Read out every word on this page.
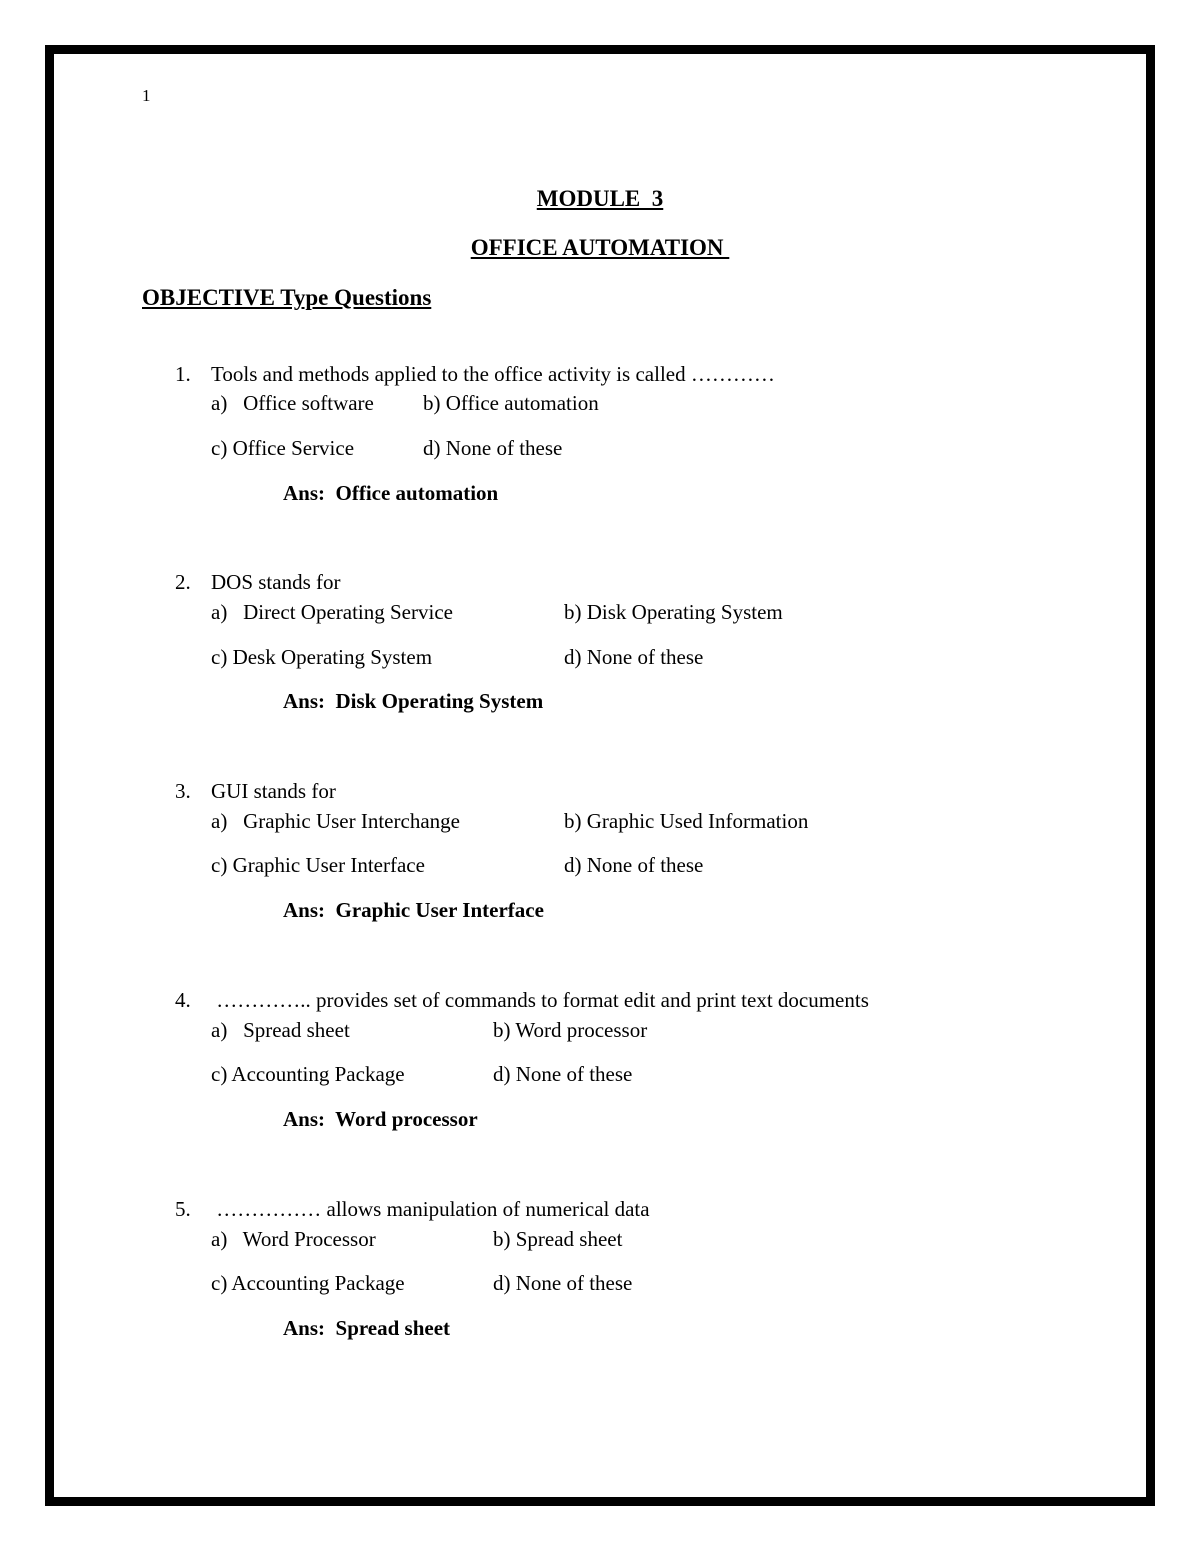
1
MODULE  3
OFFICE AUTOMATION
OBJECTIVE Type Questions
1. Tools and methods applied to the office activity is called …………
a)   Office software b) Office automation
c) Office Service	d) None of these
Ans:  Office automation
2. DOS stands for
a)   Direct Operating Service	b) Disk Operating System
c) Desk Operating System	d) None of these
Ans:  Disk Operating System
3. GUI stands for
a)   Graphic User Interchange	b) Graphic Used Information
c) Graphic User Interface	d) None of these
Ans:  Graphic User Interface
4. ………….. provides set of commands to format edit and print text documents
a)   Spread sheet	b) Word processor
c) Accounting Package	d) None of these
Ans:  Word processor
5. …………… allows manipulation of numerical data
a)   Word Processor	b) Spread sheet
c) Accounting Package	d) None of these
Ans:  Spread sheet
